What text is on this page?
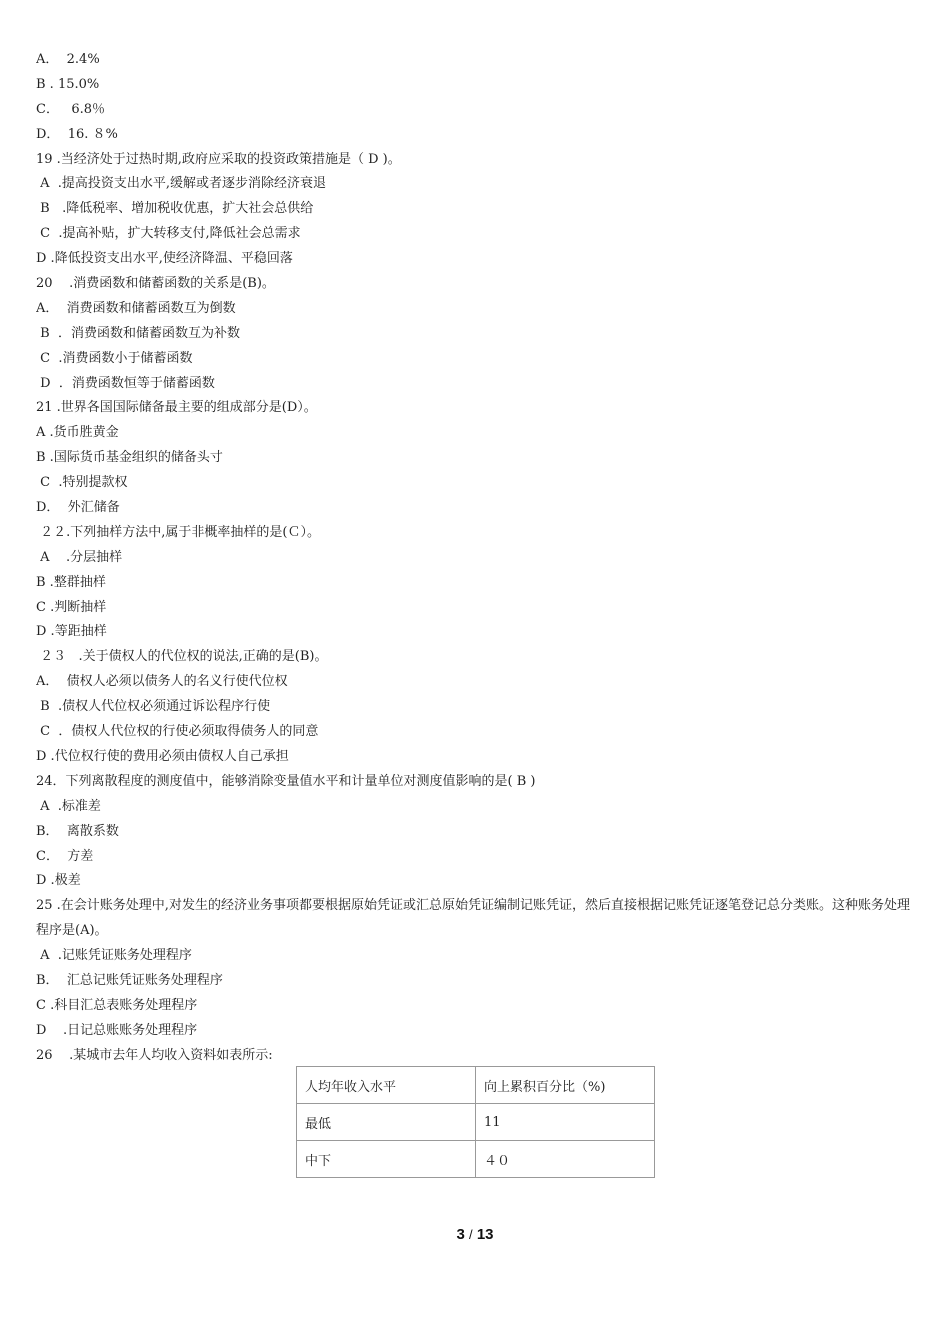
A．  2.4%
B . 15.0%
C．   6.8％
D．  16. ８%
19 .当经济处于过热时期,政府应采取的投资政策措施是（ D )。
A  .提高投资支出水平,缓解或者逐步消除经济衰退
B   .降低税率、增加税收优惠，扩大社会总供给
C  .提高补贴，扩大转移支付,降低社会总需求
D .降低投资支出水平,使经济降温、平稳回落
20    .消费函数和储蓄函数的关系是(B)。
A．  消费函数和储蓄函数互为倒数
B  ．消费函数和储蓄函数互为补数
C  .消费函数小于储蓄函数
D  ．消费函数恒等于储蓄函数
21 .世界各国国际储备最主要的组成部分是(D）。
A .货币胜黄金
B .国际货币基金组织的储备头寸
C  .特别提款权
D．  外汇储备
２２.下列抽样方法中,属于非概率抽样的是(Ｃ）。
A    .分层抽样
B .整群抽样
C .判断抽样
D .等距抽样
２３   .关于债权人的代位权的说法,正确的是(B)。
A．  债权人必须以债务人的名义行使代位权
B  .债权人代位权必须通过诉讼程序行使
C  ．债权人代位权的行使必须取得债务人的同意
D .代位权行使的费用必须由债权人自己承担
24．下列离散程度的测度值中，能够消除变量值水平和计量单位对测度值影响的是( B )
A  .标准差
B．  离散系数
C．  方差
D .极差
25 .在会计账务处理中,对发生的经济业务事项都要根据原始凭证或汇总原始凭证编制记账凭证，然后直接根据记账凭证逐笔登记总分类账。这种账务处理程序是(A)。
A  .记账凭证账务处理程序
B．  汇总记账凭证账务处理程序
C .科目汇总表账务处理程序
D    .日记总账账务处理程序
26    .某城市去年人均收入资料如表所示:
人均年收入水平	向上累积百分比（%)
最低	11
中下	４０
3 / 13
